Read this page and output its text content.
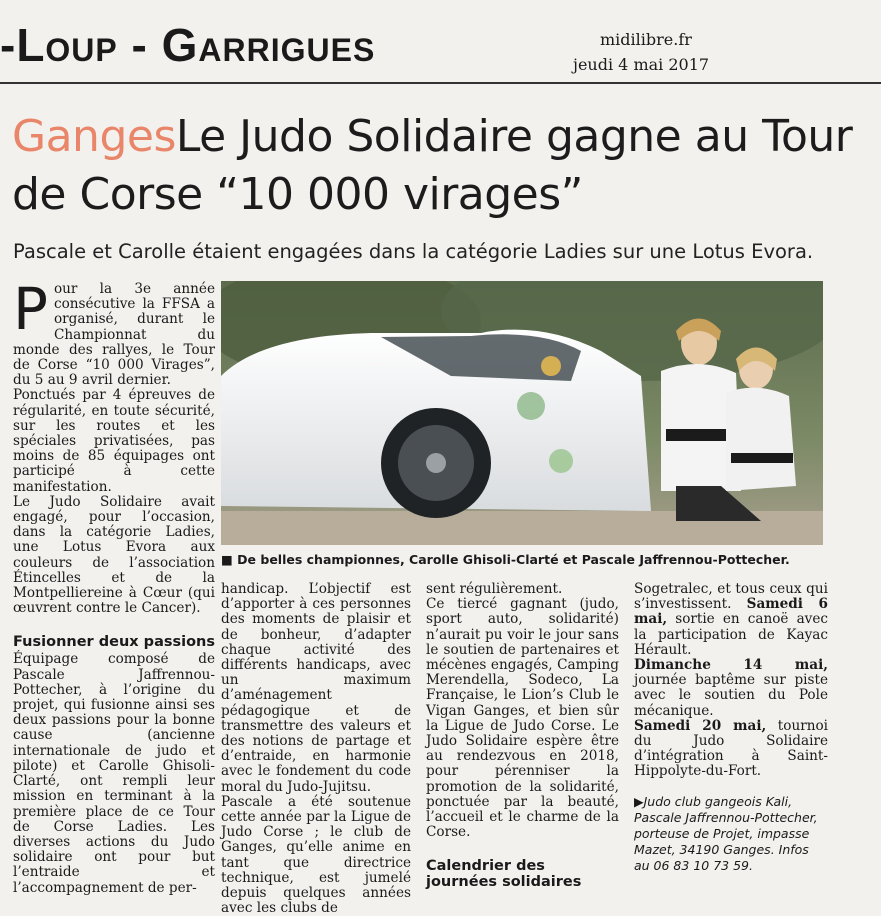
-Loup - Garrigues	midilibre.fr
jeudi 4 mai 2017
GangesLe Judo Solidaire gagne au Tour de Corse “10 000 virages”
Pascale et Carolle étaient engagées dans la catégorie Ladies sur une Lotus Evora.

Pour la 3e année consécutive la FFSA a organisé, durant le Championnat du monde des rallyes, le Tour de Corse “10 000 Virages”, du 5 au 9 avril dernier.

Ponctués par 4 épreuves de régularité, en toute sécurité, sur les routes et les spéciales privatisées, pas moins de 85 équipages ont participé à cette manifestation.

Le Judo Solidaire avait engagé, pour l’occasion, dans la catégorie Ladies, une Lotus Evora aux couleurs de l’association Étincelles et de la Montpelliereine à Cœur (qui œuvrent contre le Cancer).

Fusionner deux passions

Équipage composé de Pascale Jaffrennou-Pottecher, à l’origine du projet, qui fusionne ainsi ses deux passions pour la bonne cause (ancienne internationale de judo et pilote) et Carolle Ghisoli-Clarté, ont rempli leur mission en terminant à la première place de ce Tour de Corse Ladies. Les diverses actions du Judo solidaire ont pour but l’entraide et l’accompagnement de per-

■ De belles championnes, Carolle Ghisoli-Clarté et Pascale Jaffrennou-Pottecher.

handicap. L’objectif est d’apporter à ces personnes des moments de plaisir et de bonheur, d’adapter chaque activité des différents handicaps, avec un maximum d’aménagement pédagogique et de transmettre des valeurs et des notions de partage et d’entraide, en harmonie avec le fondement du code moral du Judo-Jujitsu.

Pascale a été soutenue cette année par la Ligue de Judo Corse ; le club de Ganges, qu’elle anime en tant que directrice technique, est jumelé depuis quelques années avec les clubs de

sent régulièrement.

Ce tiercé gagnant (judo, sport auto, solidarité) n’aurait pu voir le jour sans le soutien de partenaires et mécènes engagés, Camping Merendella, Sodeco, La Française, le Lion’s Club le Vigan Ganges, et bien sûr la Ligue de Judo Corse. Le Judo Solidaire espère être au rendezvous en 2018, pour pérenniser la promotion de la solidarité, ponctuée par la beauté, l’accueil et le charme de la Corse.

Calendrier des journées solidaires

Sogetralec, et tous ceux qui s’investissent. Samedi 6 mai, sortie en canoë avec la participation de Kayac Hérault.

Dimanche 14 mai, journée baptême sur piste avec le soutien du Pole mécanique.

Samedi 20 mai, tournoi du Judo Solidaire d’intégration à Saint-Hippolyte-du-Fort.

▶Judo club gangeois Kali, Pascale Jaffrennou-Pottecher, porteuse de Projet, impasse Mazet, 34190 Ganges. Infos au 06 83 10 73 59.
